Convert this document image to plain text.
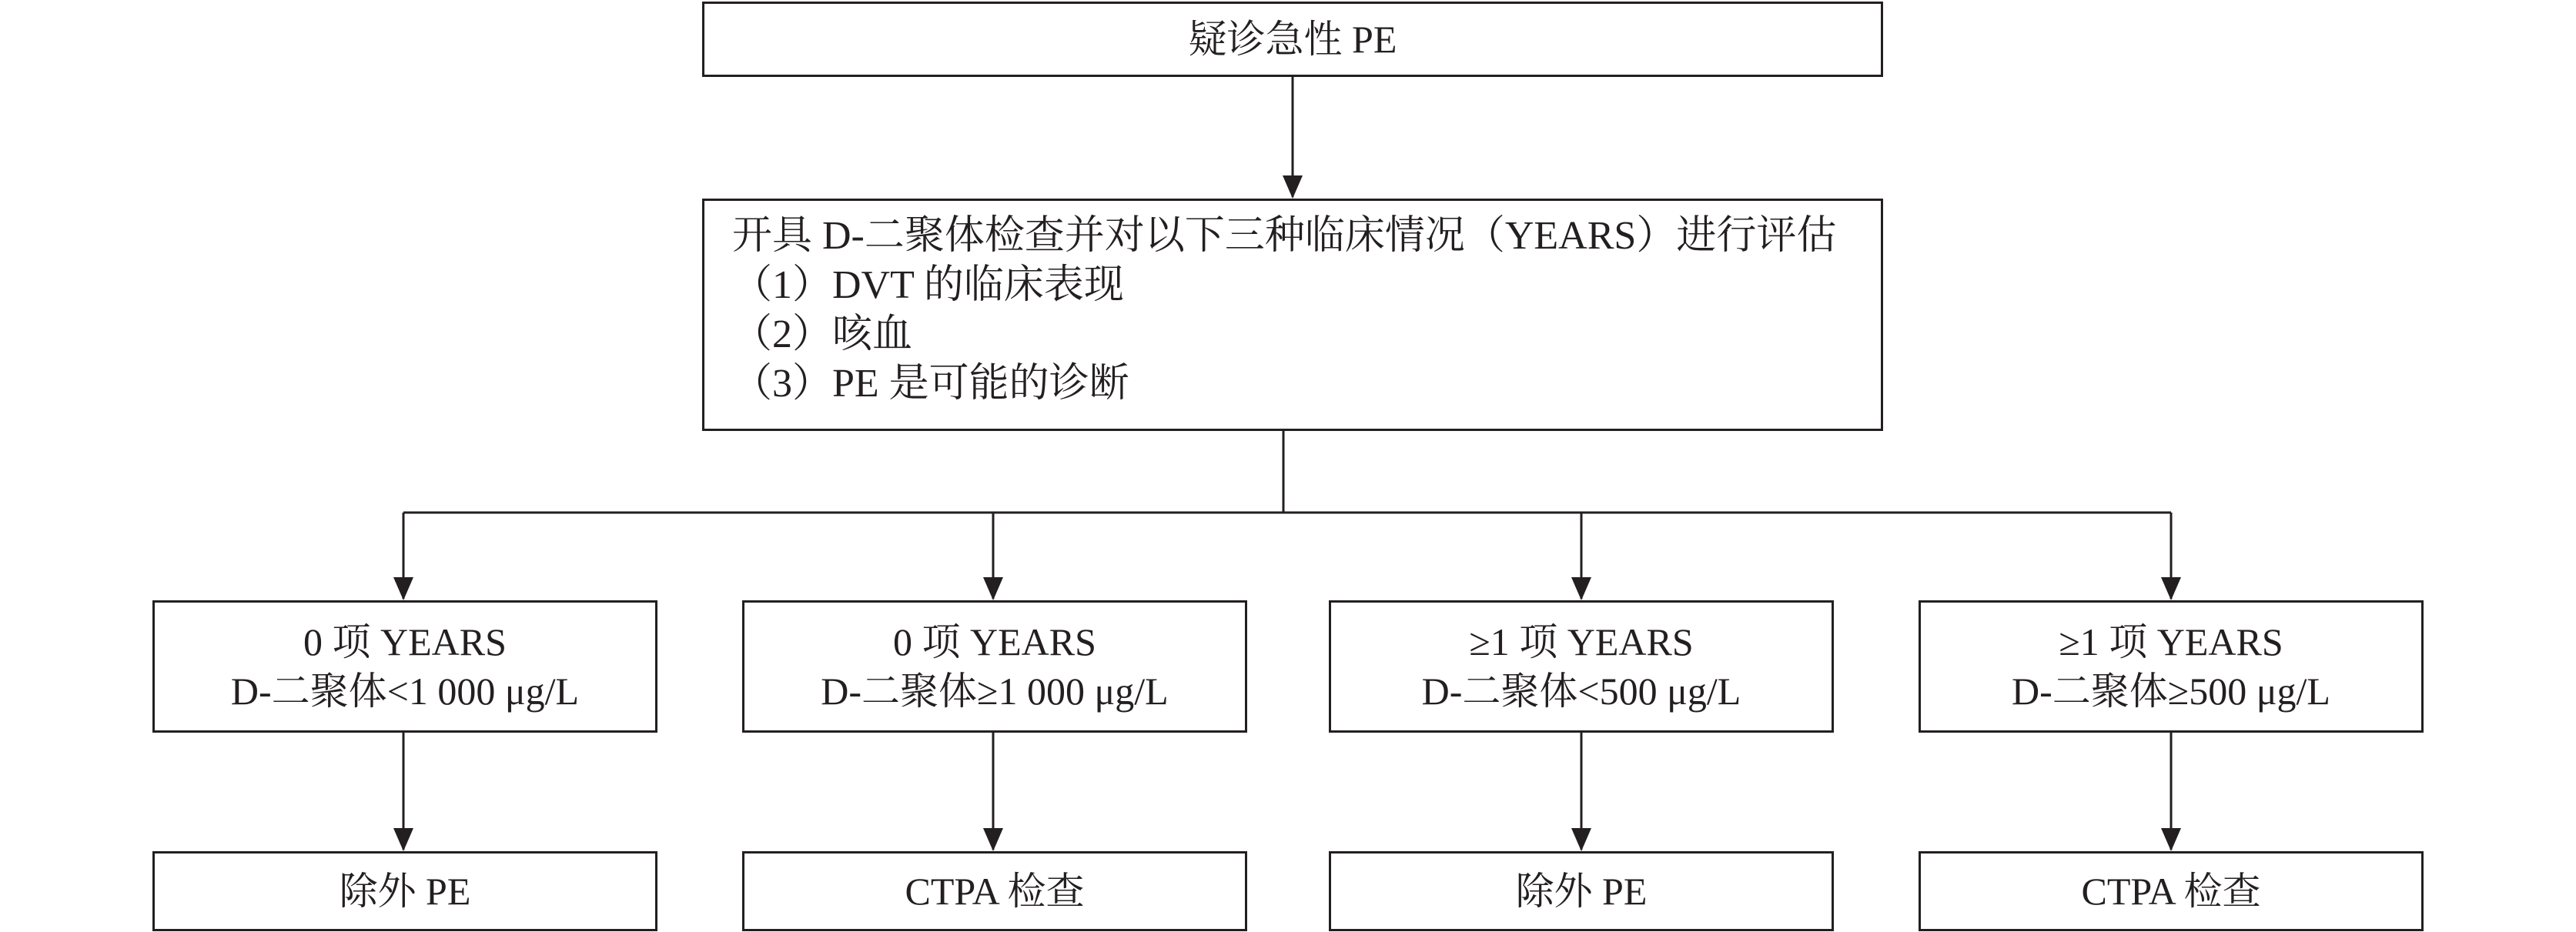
疑诊急性 PE
开具 D-二聚体检查并对以下三种临床情况（YEARS）进行评估
（1）DVT 的临床表现
（2）咳血
（3）PE 是可能的诊断
0 项 YEARS
D-二聚体<1 000 μg/L
0 项 YEARS
D-二聚体≥1 000 μg/L
≥1 项 YEARS
D-二聚体<500 μg/L
≥1 项 YEARS
D-二聚体≥500 μg/L
除外 PE	CTPA 检查	除外 PE	CTPA 检查
